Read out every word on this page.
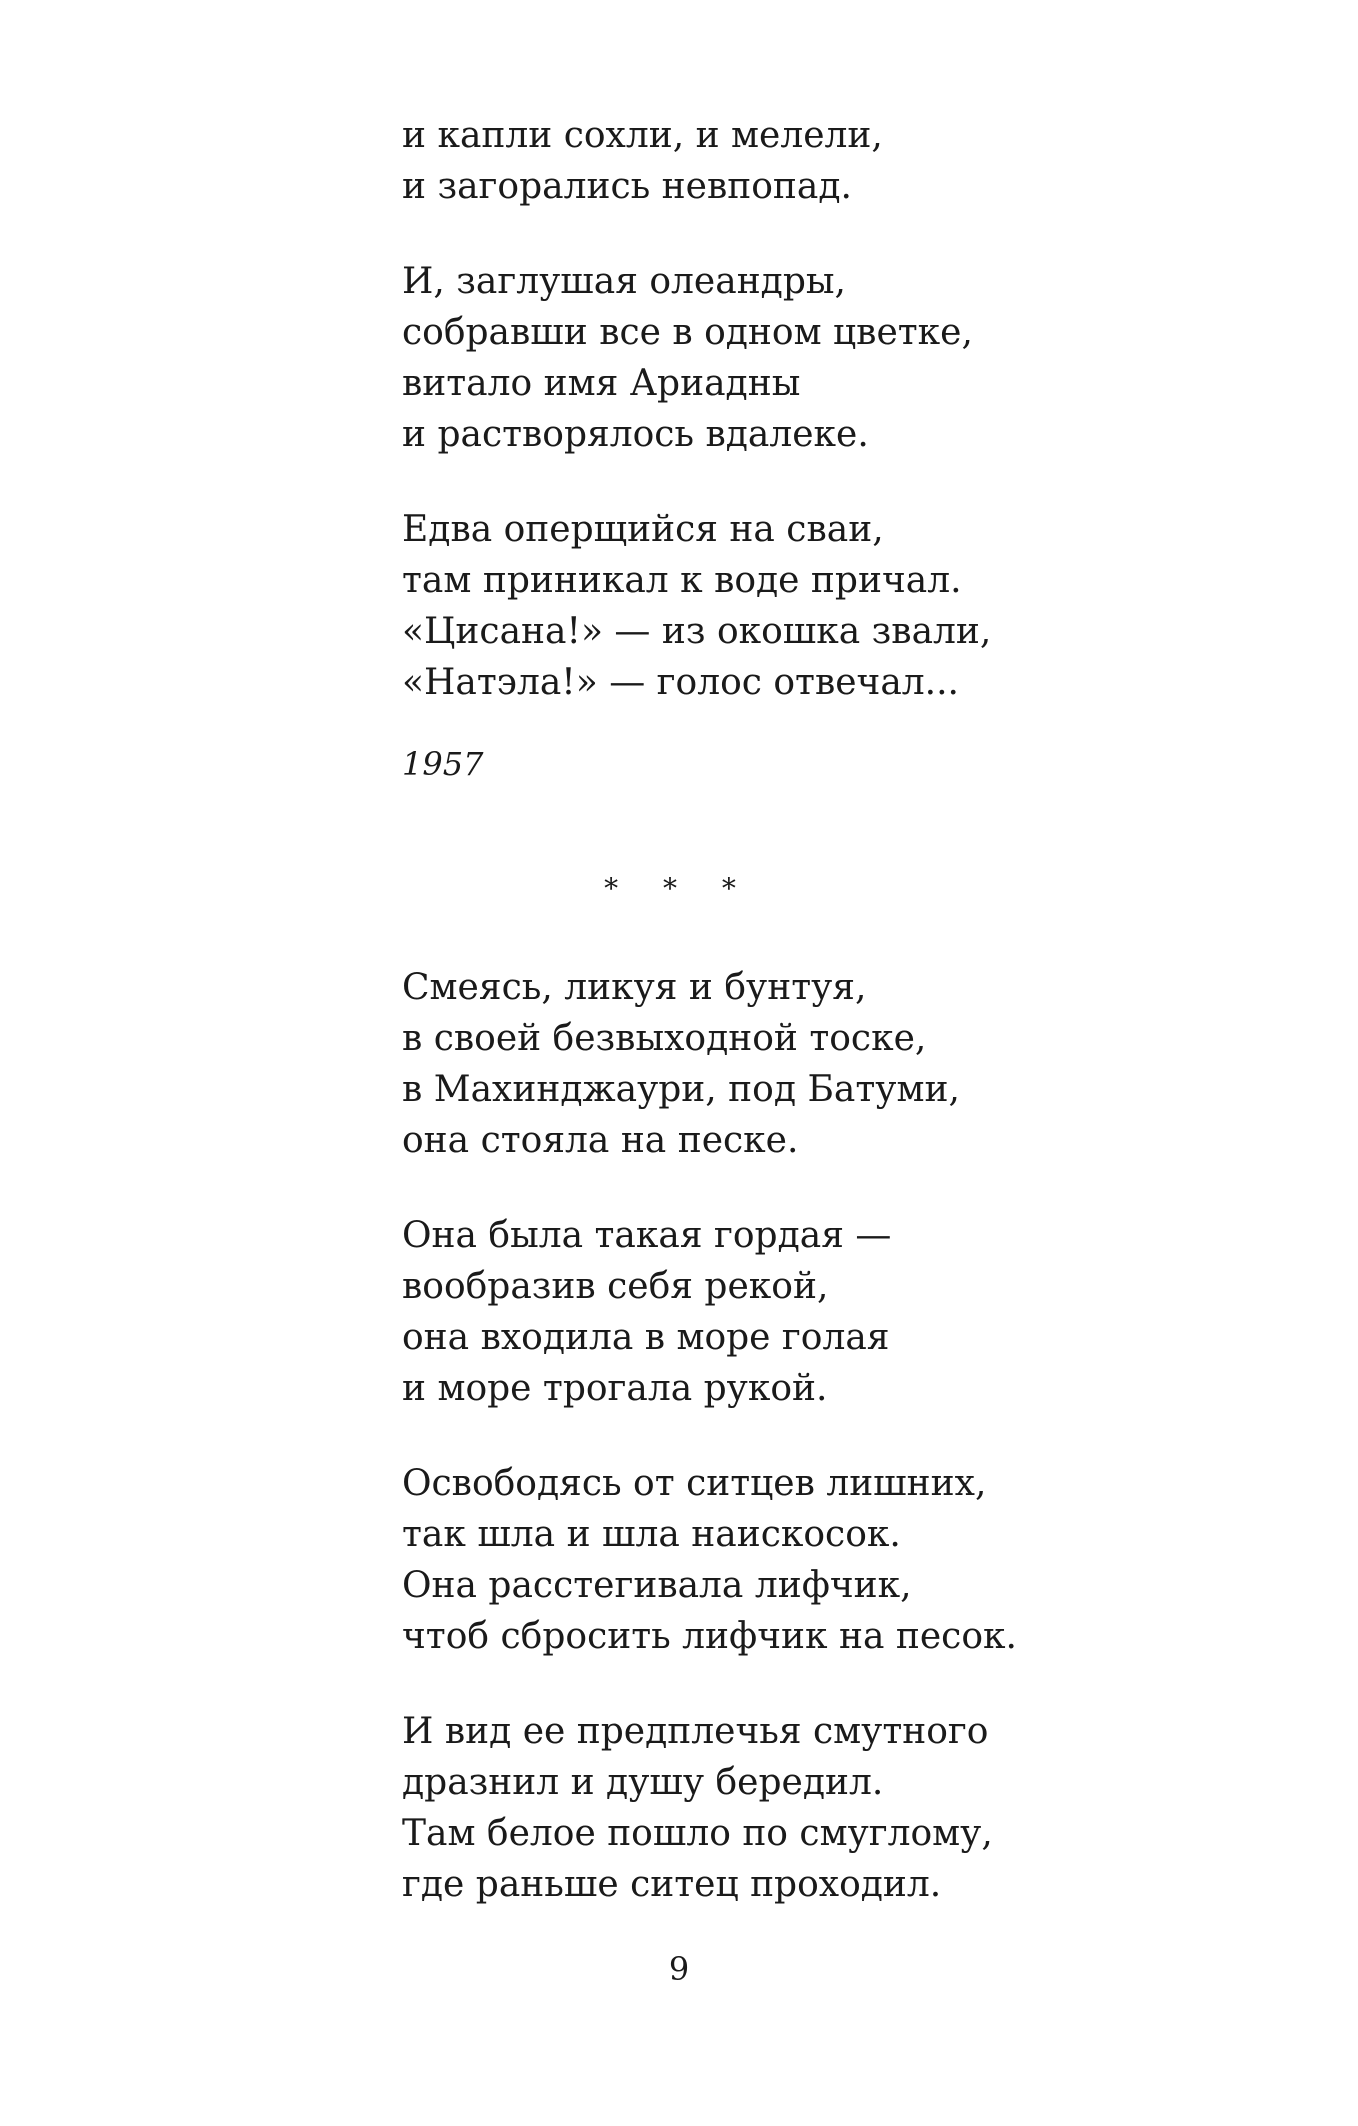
и капли сохли, и мелели,
и загорались невпопад.
И, заглушая олеандры,
собравши все в одном цветке,
витало имя Ариадны
и растворялось вдалеке.
Едва оперщийся на сваи,
там приникал к воде причал.
«Цисана!» — из окошка звали,
«Натэла!» — голос отвечал...
1957
* * *
Смеясь, ликуя и бунтуя,
в своей безвыходной тоске,
в Махинджаури, под Батуми,
она стояла на песке.
Она была такая гордая —
вообразив себя рекой,
она входила в море голая
и море трогала рукой.
Освободясь от ситцев лишних,
так шла и шла наискосок.
Она расстегивала лифчик,
чтоб сбросить лифчик на песок.
И вид ее предплечья смутного
дразнил и душу бередил.
Там белое пошло по смуглому,
где раньше ситец проходил.
9
